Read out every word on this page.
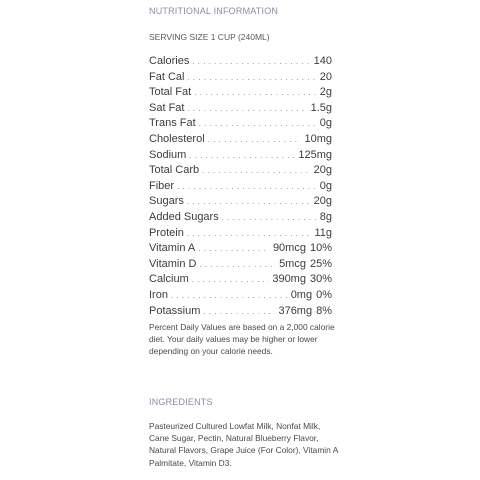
NUTRITIONAL INFORMATION
SERVING SIZE 1 CUP (240ML)
Calories . . .	140
Fat Cal . . .	20
Total Fat . . .	2g
Sat Fat . . .	1.5g
Trans Fat . . .	0g
Cholesterol . . .	10mg
Sodium . . .	125mg
Total Carb . . .	20g
Fiber . . .	0g
Sugars . . .	20g
Added Sugars . . .	8g
Protein . . .	11g
Vitamin A . . .	90mcg 10%
Vitamin D . . .	5mcg 25%
Calcium . . .	390mg 30%
Iron . . .	0mg 0%
Potassium . . .	376mg 8%
Percent Daily Values are based on a 2,000 calorie diet. Your daily values may be higher or lower depending on your calorie needs.
INGREDIENTS
Pasteurized Cultured Lowfat Milk, Nonfat Milk, Cane Sugar, Pectin, Natural Blueberry Flavor, Natural Flavors, Grape Juice (For Color), Vitamin A Palmitate, Vitamin D3.
